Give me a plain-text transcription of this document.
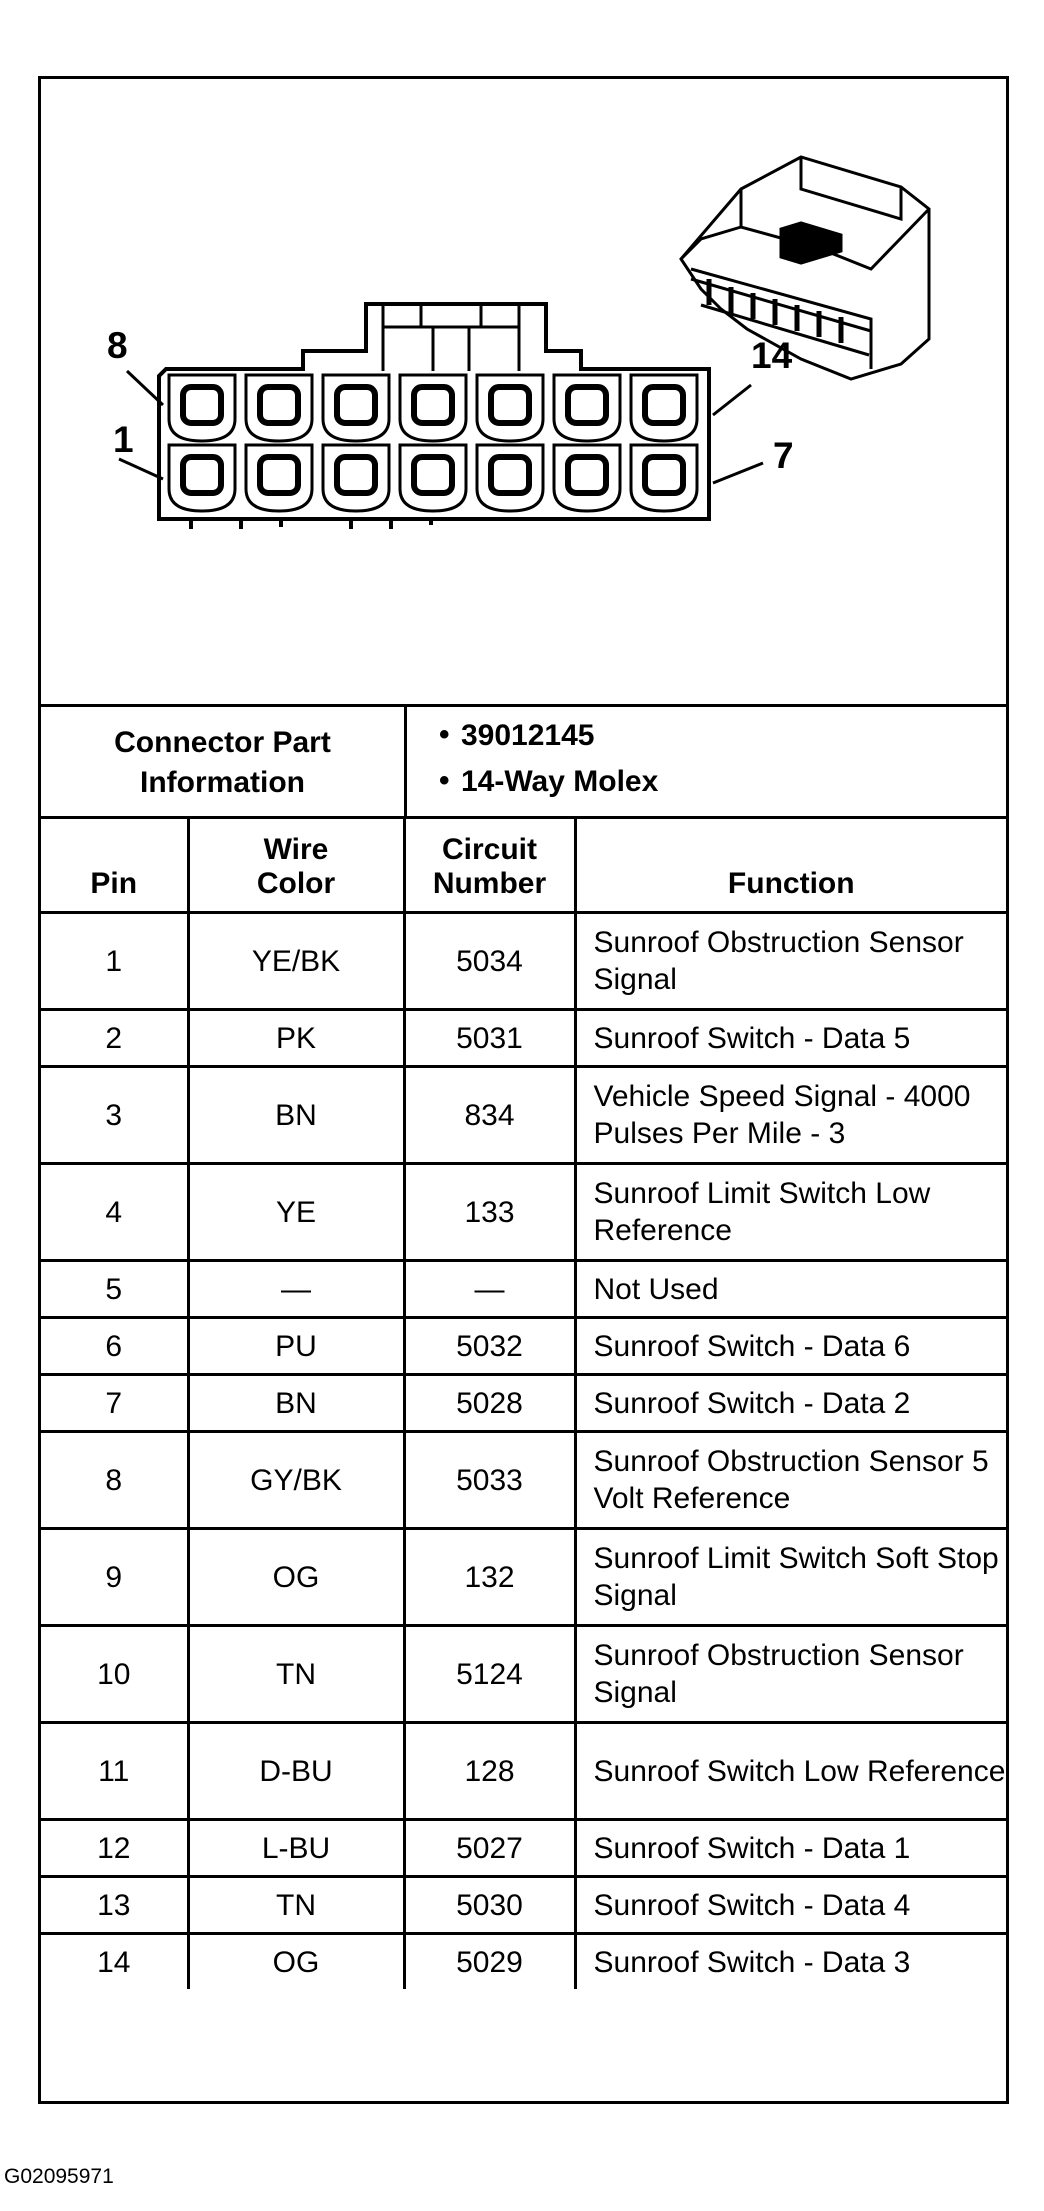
8	14
1	7
Connector Part Information
• 39012145
• 14-Way Molex
Pin	Wire Color	Circuit Number	Function
1	YE/BK	5034	Sunroof Obstruction Sensor Signal
2	PK	5031	Sunroof Switch - Data 5
3	BN	834	Vehicle Speed Signal - 4000 Pulses Per Mile - 3
4	YE	133	Sunroof Limit Switch Low Reference
5	—	—	Not Used
6	PU	5032	Sunroof Switch - Data 6
7	BN	5028	Sunroof Switch - Data 2
8	GY/BK	5033	Sunroof Obstruction Sensor 5 Volt Reference
9	OG	132	Sunroof Limit Switch Soft Stop Signal
10	TN	5124	Sunroof Obstruction Sensor Signal
11	D-BU	128	Sunroof Switch Low Reference
12	L-BU	5027	Sunroof Switch - Data 1
13	TN	5030	Sunroof Switch - Data 4
14	OG	5029	Sunroof Switch - Data 3
G02095971
